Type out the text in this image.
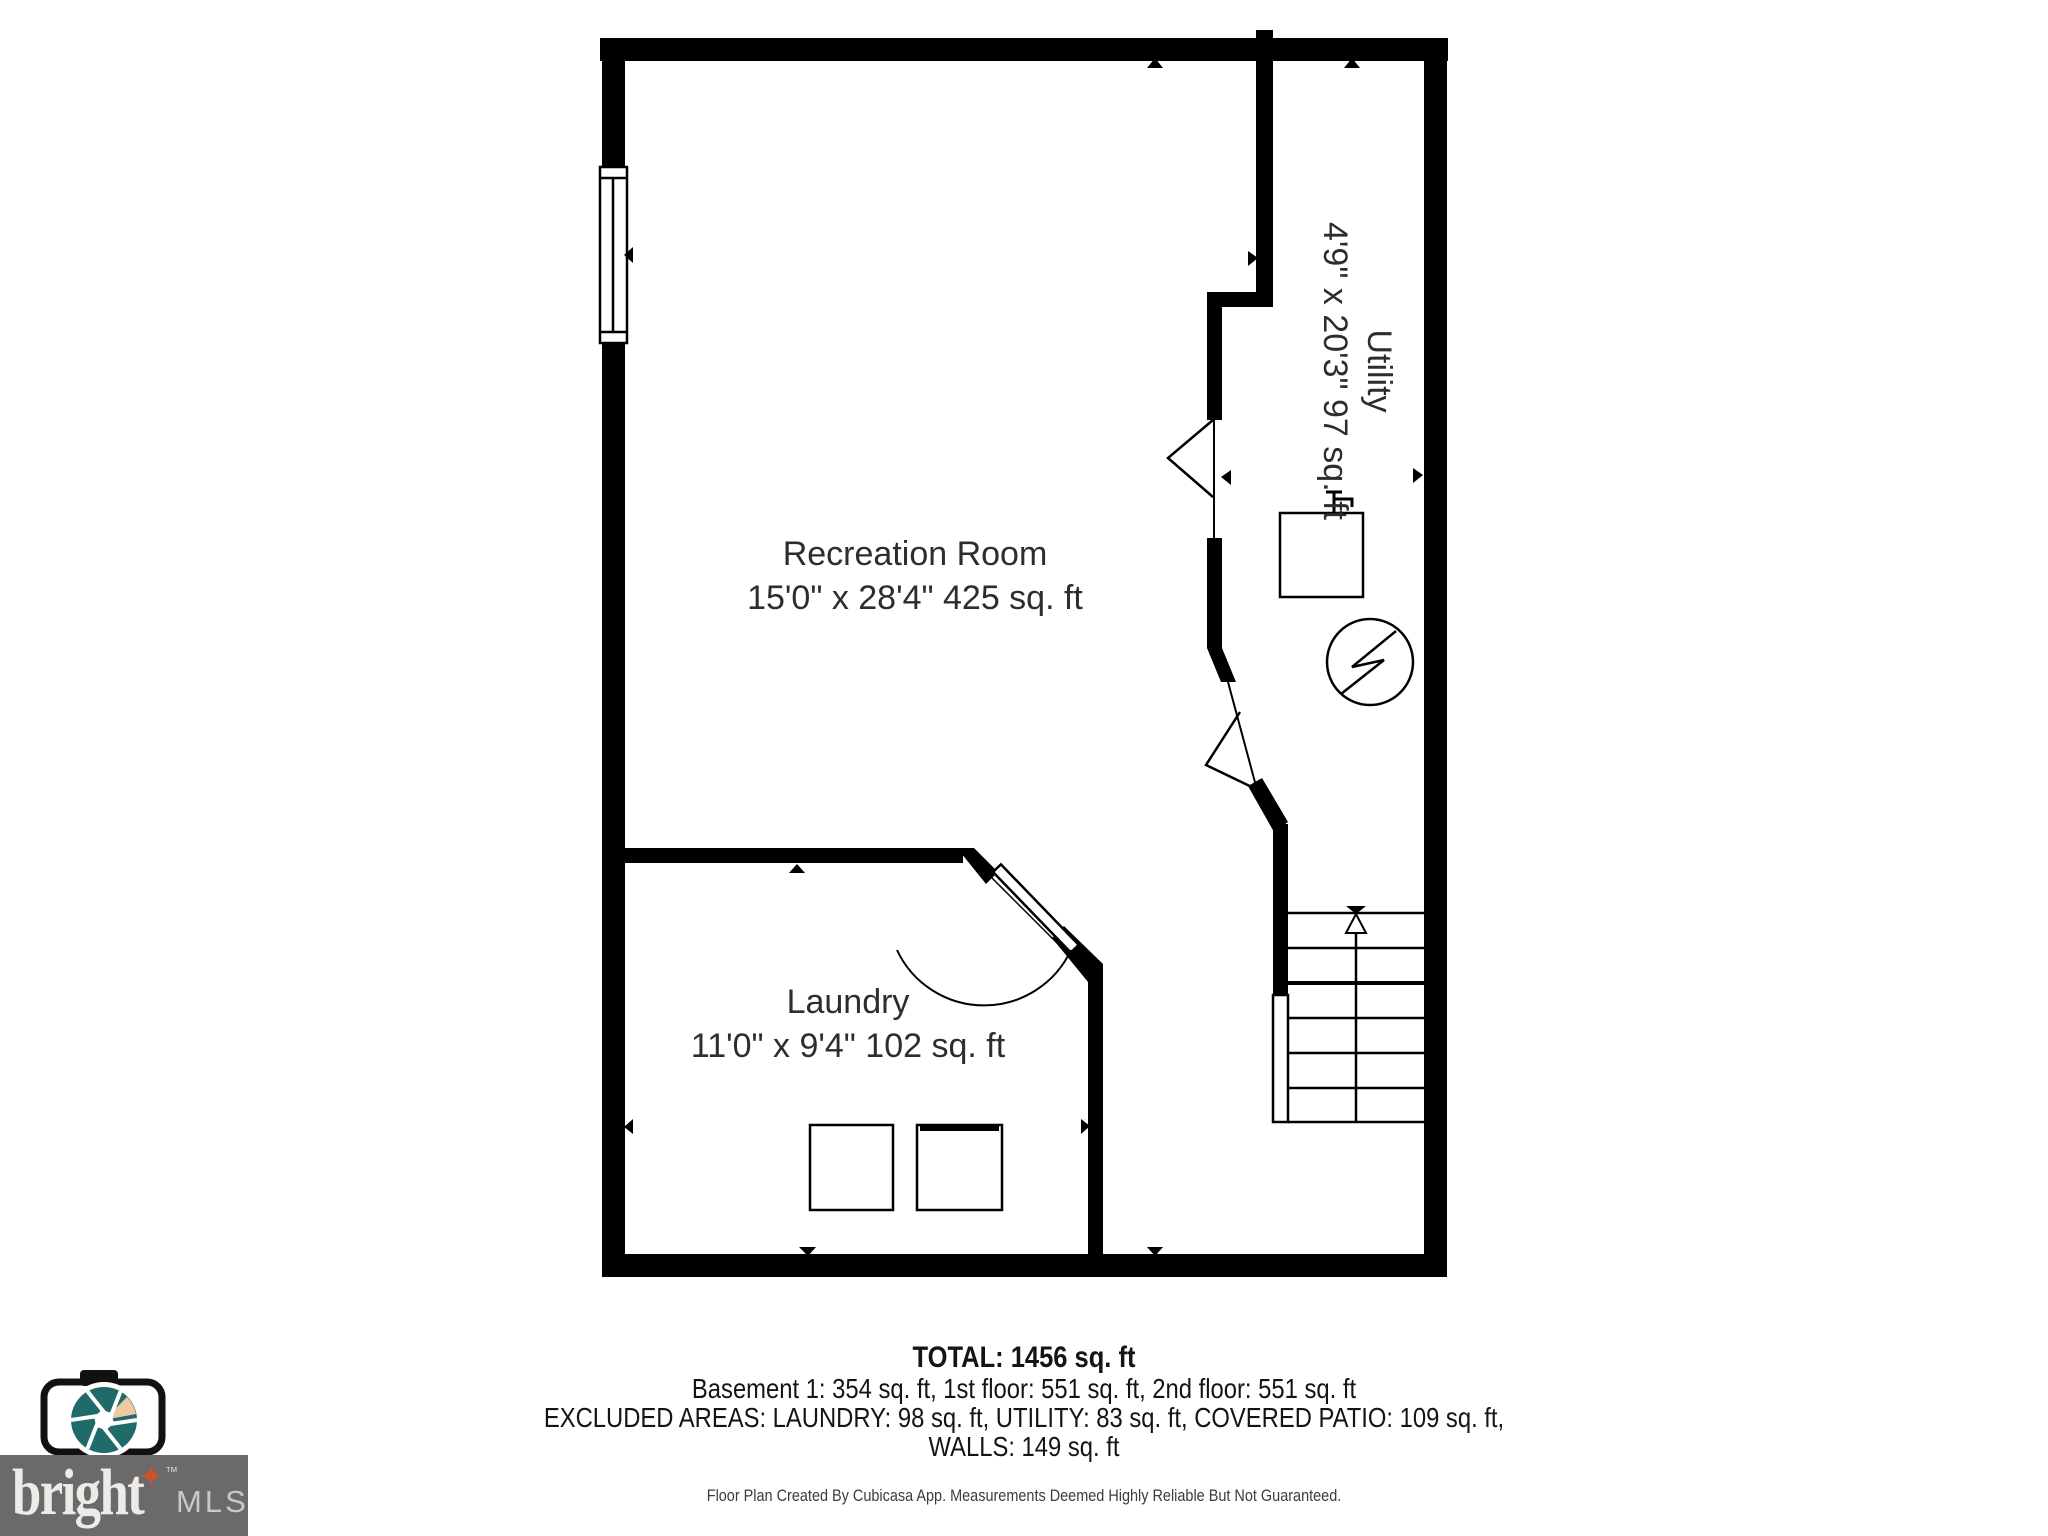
Recreation Room
15'0" x 28'4" 425 sq. ft
Laundry
11'0" x 9'4" 102 sq. ft
Utility
4'9" x 20'3" 97 sq. ft
TOTAL: 1456 sq. ft
Basement 1: 354 sq. ft, 1st floor: 551 sq. ft, 2nd floor: 551 sq. ft
EXCLUDED AREAS: LAUNDRY: 98 sq. ft, UTILITY: 83 sq. ft, COVERED PATIO: 109 sq. ft,
WALLS: 149 sq. ft
Floor Plan Created By Cubicasa App. Measurements Deemed Highly Reliable But Not Guaranteed.
bright
✦ ™
MLS
